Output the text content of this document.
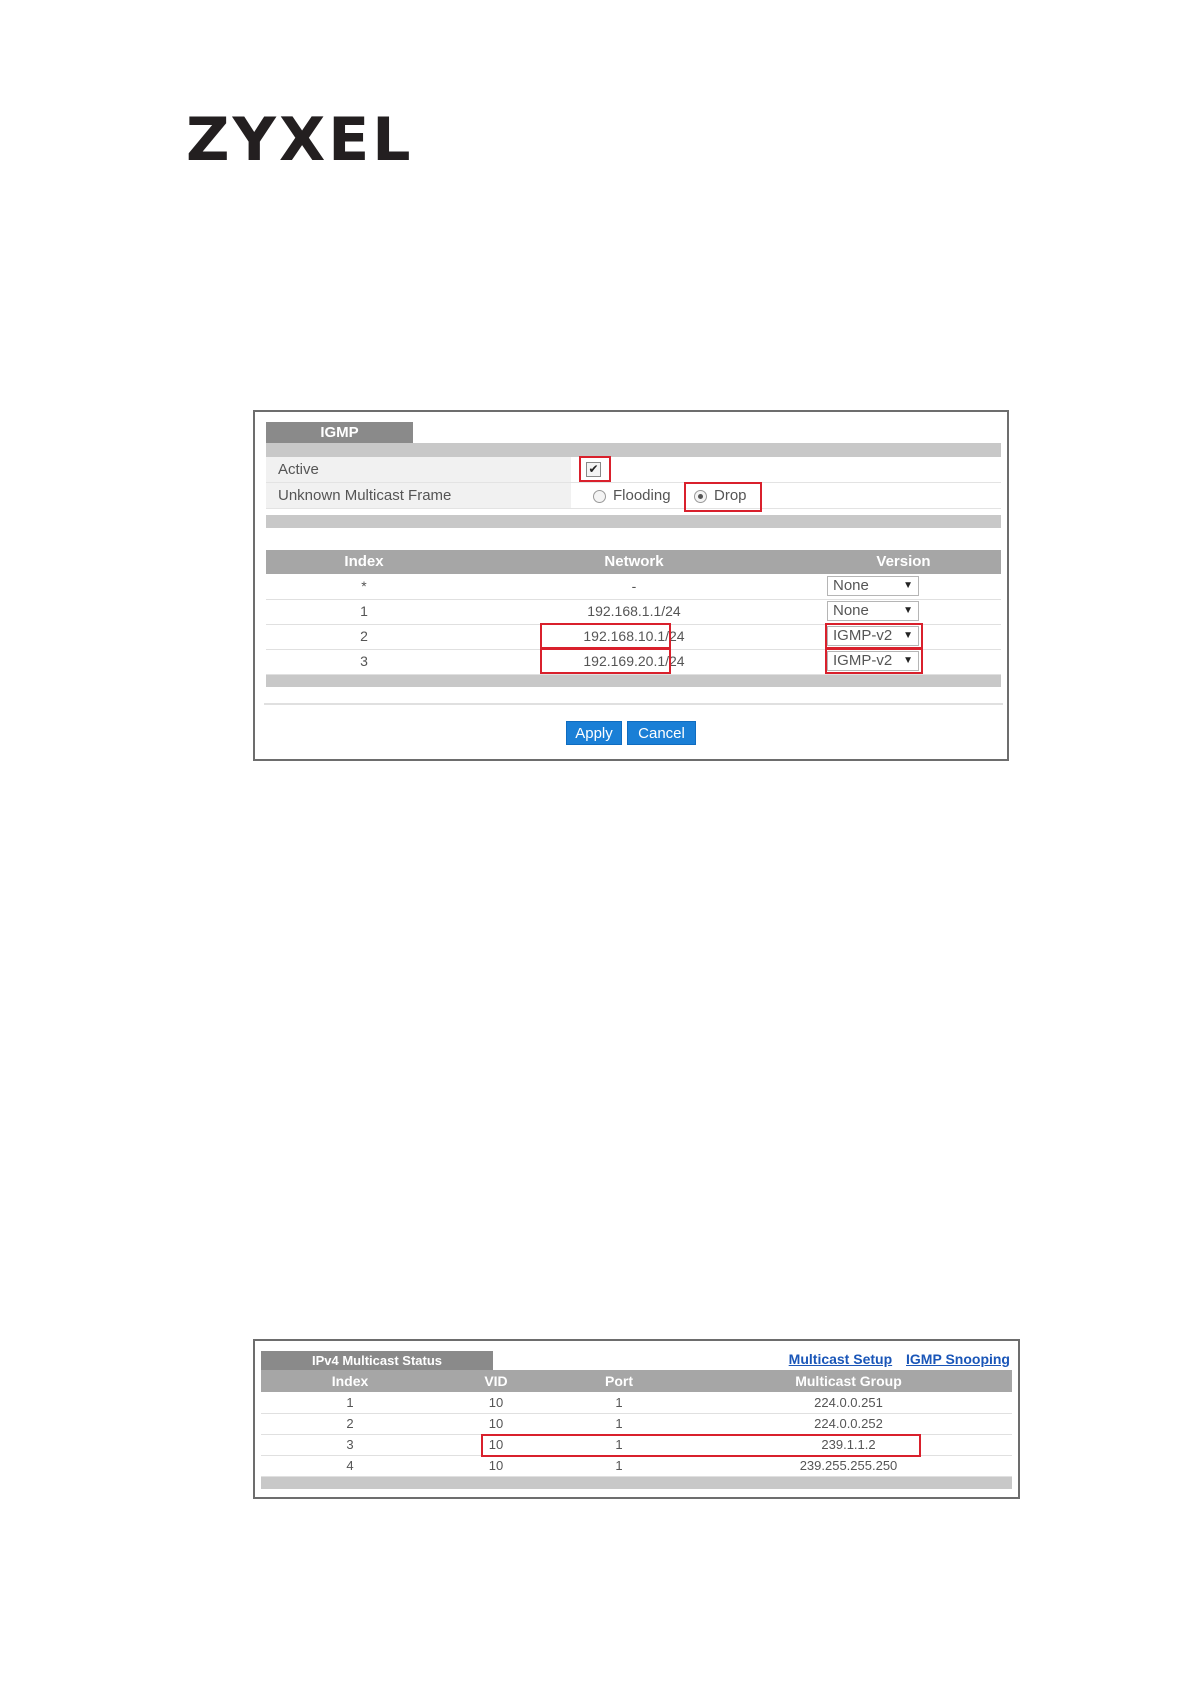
ZYXEL
IGMP
Active	✔
Unknown Multicast Frame	Flooding	Drop
Index	Network	Version
*	-	None	▼
1	192.168.1.1/24	None	▼
2	192.168.10.1/24	IGMP-v2 ▼
3	192.169.20.1/24	IGMP-v2 ▼
Apply	Cancel
IPv4 Multicast Status	Multicast Setup IGMP Snooping
Index	VID	Port	Multicast Group
1	10	1	224.0.0.251
2	10	1	224.0.0.252
3	10	1	239.1.1.2
4	10	1	239.255.255.250
